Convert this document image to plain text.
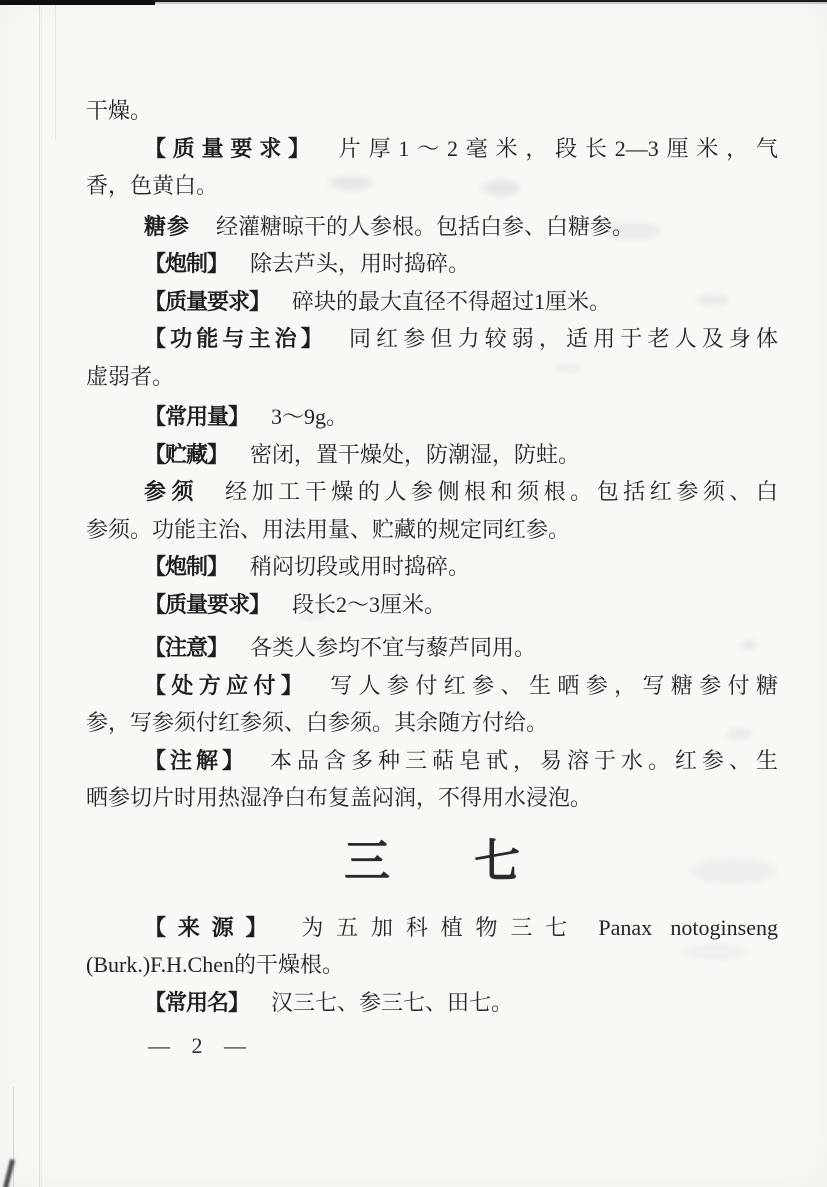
干燥。

【质量要求】 片厚1～2毫米，段长2—3厘米，气
香，色黄白。

糖参 经灌糖晾干的人参根。包括白参、白糖参。

【炮制】 除去芦头，用时捣碎。

【质量要求】 碎块的最大直径不得超过1厘米。

【功能与主治】 同红参但力较弱，适用于老人及身体
虚弱者。

【常用量】 3～9g。

【贮藏】 密闭，置干燥处，防潮湿，防蛀。

参须 经加工干燥的人参侧根和须根。包括红参须、白
参须。功能主治、用法用量、贮藏的规定同红参。

【炮制】 稍闷切段或用时捣碎。

【质量要求】 段长2～3厘米。

【注意】 各类人参均不宜与藜芦同用。

【处方应付】 写人参付红参、生晒参，写糖参付糖
参，写参须付红参须、白参须。其余随方付给。

【注解】 本品含多种三萜皂甙，易溶于水。红参、生
晒参切片时用热湿净白布复盖闷润，不得用水浸泡。

三七

【来源】 为五加科植物三七 Panax notoginseng
(Burk.)F.H.Chen的干燥根。

【常用名】 汉三七、参三七、田七。

— 2 —
